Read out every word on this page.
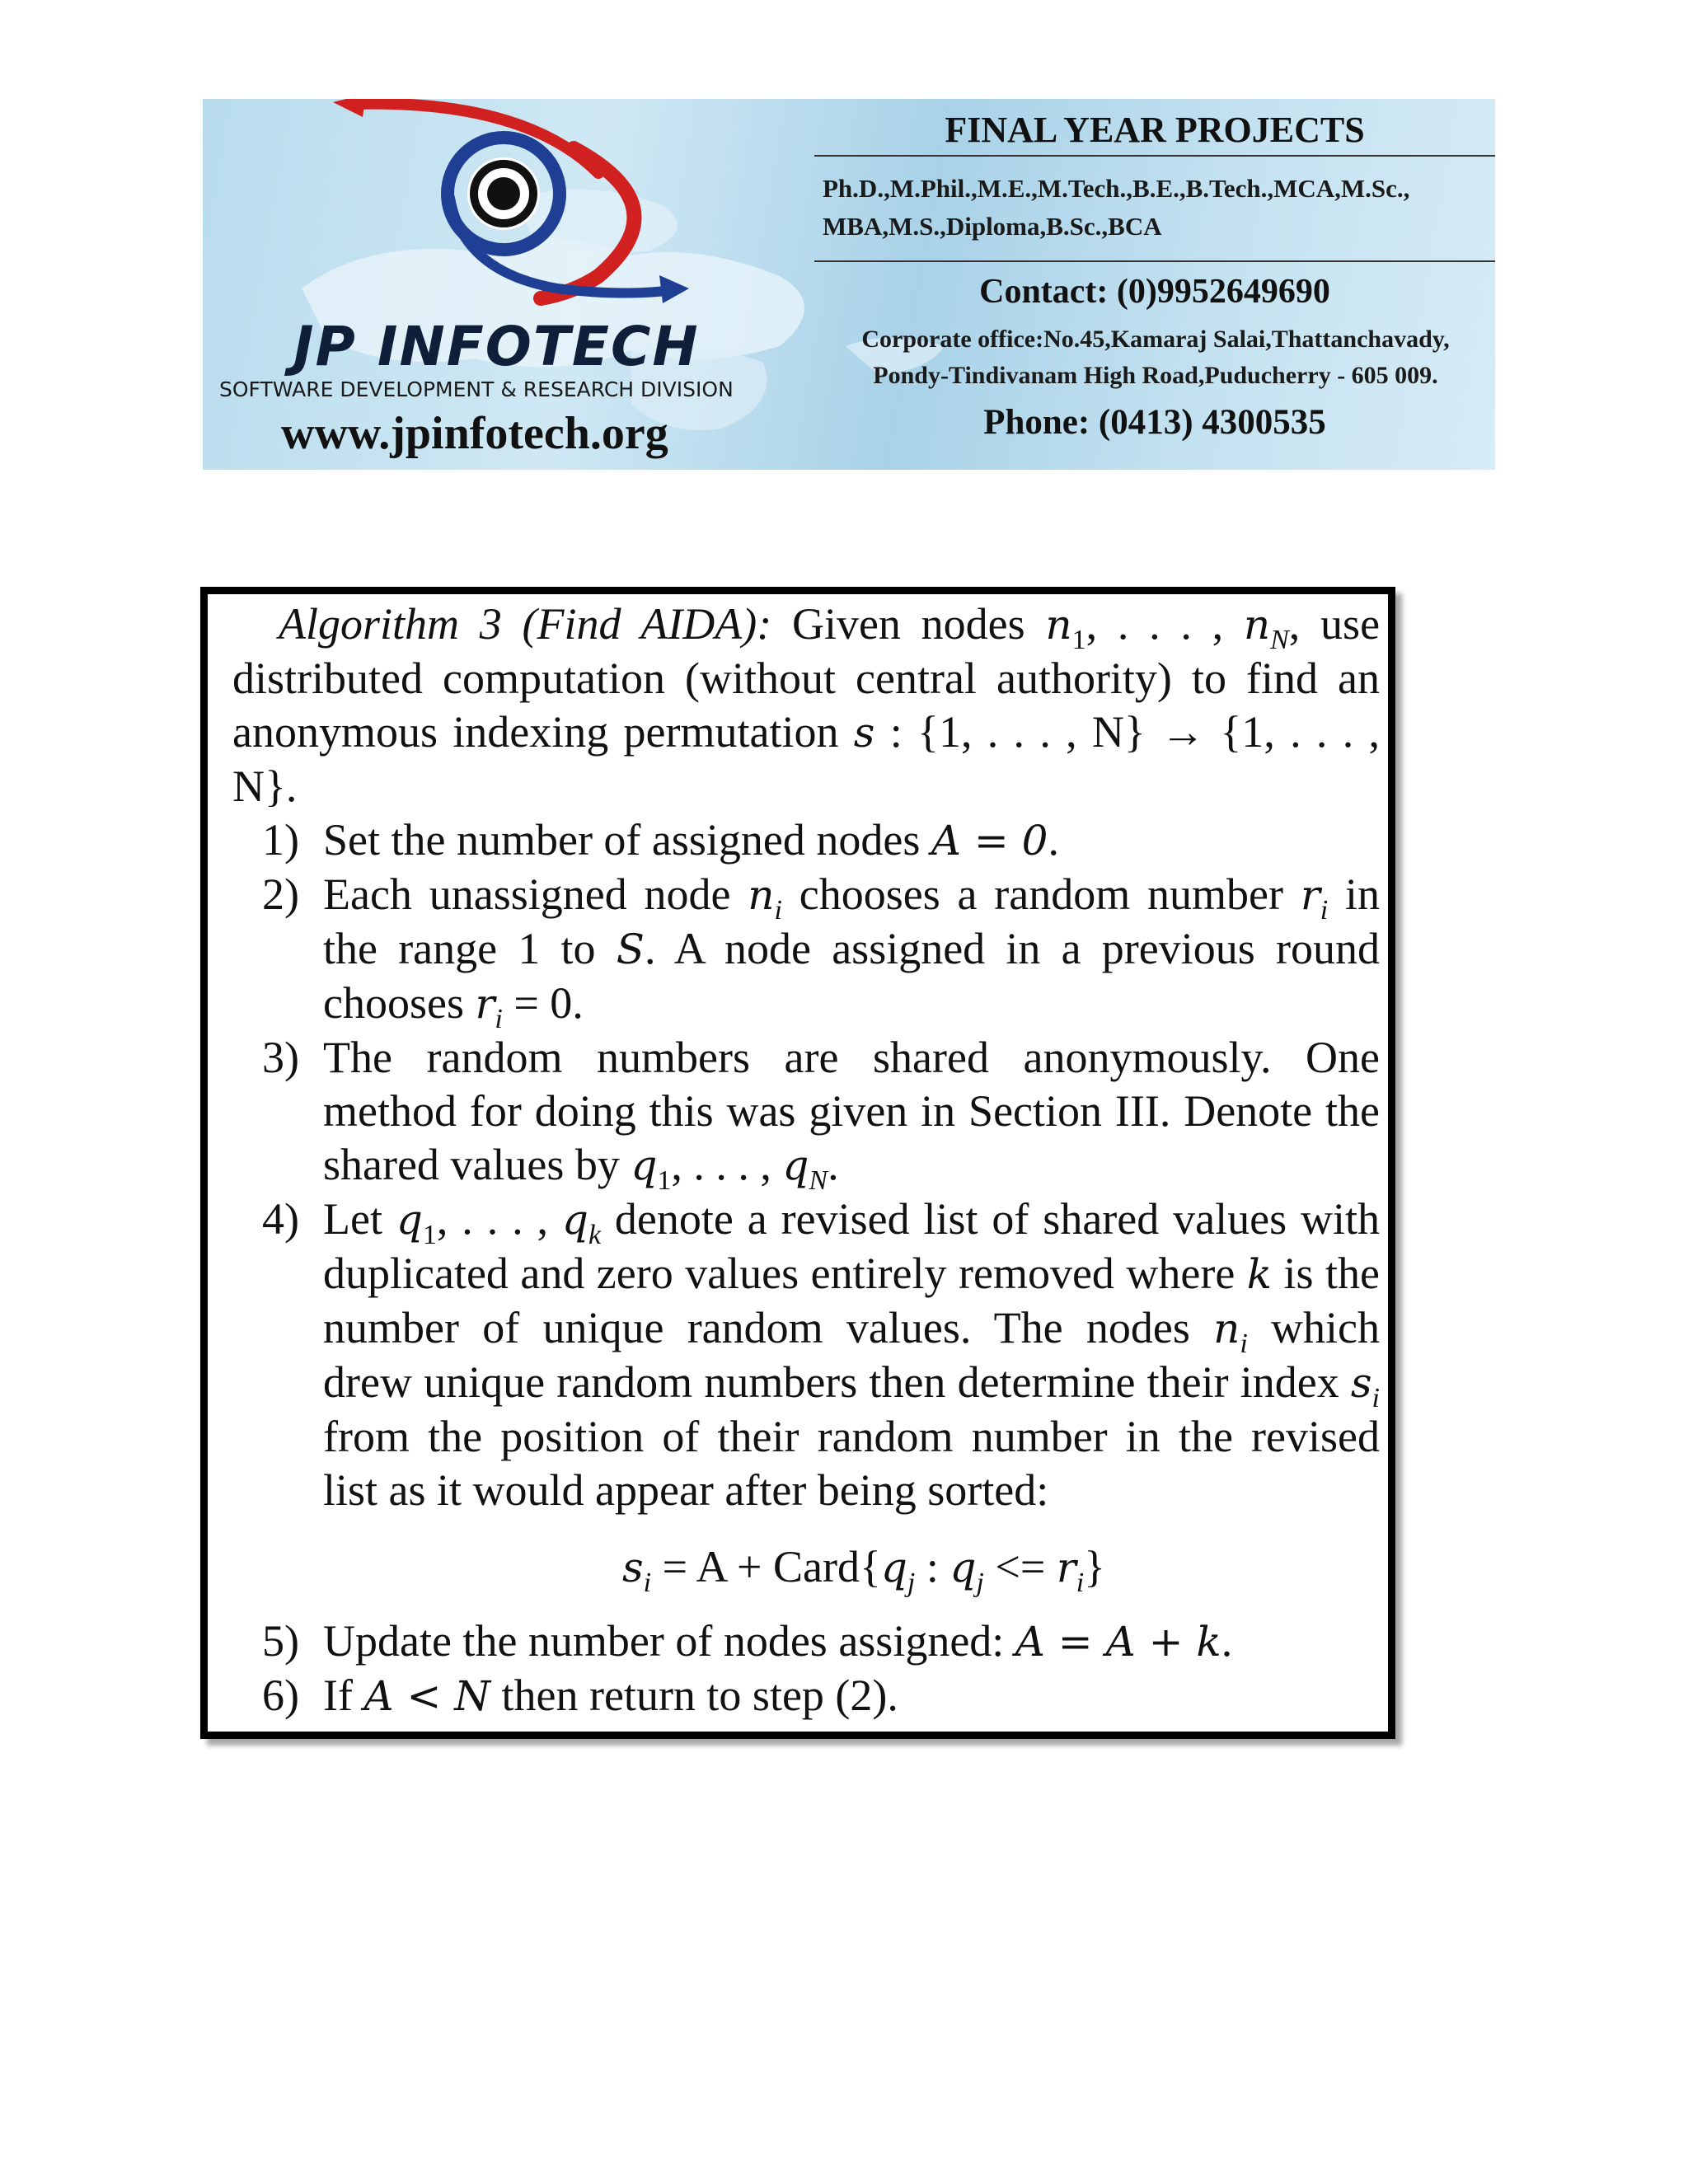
JP INFOTECH
SOFTWARE DEVELOPMENT & RESEARCH DIVISION
www.jpinfotech.org
FINAL YEAR PROJECTS
Ph.D.,M.Phil.,M.E.,M.Tech.,B.E.,B.Tech.,MCA,M.Sc.,
MBA,M.S.,Diploma,B.Sc.,BCA
Contact: (0)9952649690
Corporate office:No.45,Kamaraj Salai,Thattanchavady,
Pondy-Tindivanam High Road,Puducherry - 605 009.
Phone: (0413) 4300535

Algorithm 3 (Find AIDA): Given nodes $n_1$, . . . , $n_N$, use distributed computation (without central authority) to find an anonymous indexing permutation s : {1, . . . , N} → {1, . . . , N}.

1) Set the number of assigned nodes A = 0.
2) Each unassigned node $n_i$ chooses a random number $r_i$ in the range 1 to S. A node assigned in a previous round chooses $r_i = 0$.
3) The random numbers are shared anonymously. One method for doing this was given in Section III. Denote the shared values by $q_1$, . . . , $q_N$.
4) Let $q_1$, . . . , $q_k$ denote a revised list of shared values with duplicated and zero values entirely removed where k is the number of unique random values. The nodes $n_i$ which drew unique random numbers then determine their index $s_i$ from the position of their random number in the revised list as it would appear after being sorted:
$s_i = A$ + $Card\{q_j$ : $q_j <= r_i$}
5) Update the number of nodes assigned: A = A + k.
6) If A < N then return to step (2).
